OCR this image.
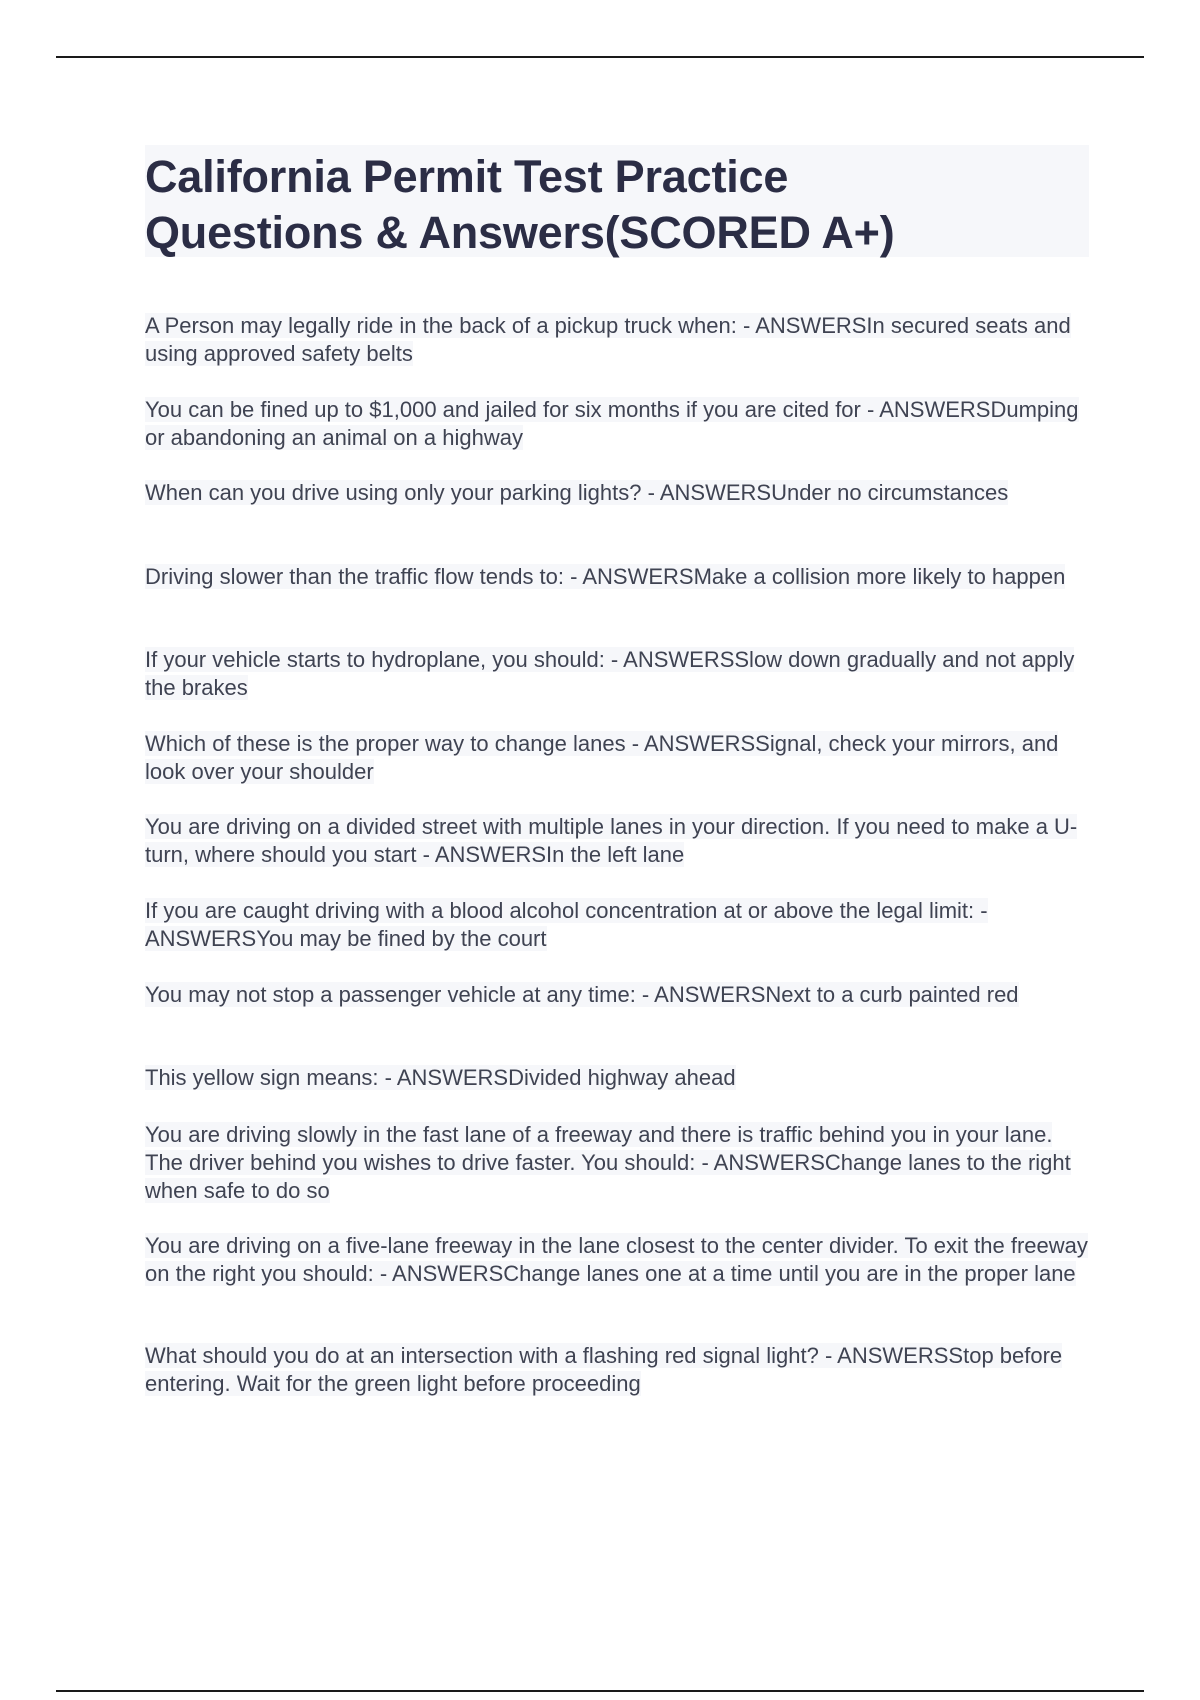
California Permit Test Practice
Questions & Answers(SCORED A+)

A Person may legally ride in the back of a pickup truck when: - ANSWERSIn secured seats and using approved safety belts

You can be fined up to $1,000 and jailed for six months if you are cited for - ANSWERSDumping or abandoning an animal on a highway

When can you drive using only your parking lights? - ANSWERSUnder no circumstances

Driving slower than the traffic flow tends to: - ANSWERSMake a collision more likely to happen

If your vehicle starts to hydroplane, you should: - ANSWERSSlow down gradually and not apply the brakes

Which of these is the proper way to change lanes - ANSWERSSignal, check your mirrors, and look over your shoulder

You are driving on a divided street with multiple lanes in your direction. If you need to make a U-turn, where should you start - ANSWERSIn the left lane

If you are caught driving with a blood alcohol concentration at or above the legal limit: - ANSWERSYou may be fined by the court

You may not stop a passenger vehicle at any time: - ANSWERSNext to a curb painted red

This yellow sign means: - ANSWERSDivided highway ahead

You are driving slowly in the fast lane of a freeway and there is traffic behind you in your lane. The driver behind you wishes to drive faster. You should: - ANSWERSChange lanes to the right when safe to do so

You are driving on a five-lane freeway in the lane closest to the center divider. To exit the freeway on the right you should: - ANSWERSChange lanes one at a time until you are in the proper lane

What should you do at an intersection with a flashing red signal light? - ANSWERSStop before entering. Wait for the green light before proceeding
